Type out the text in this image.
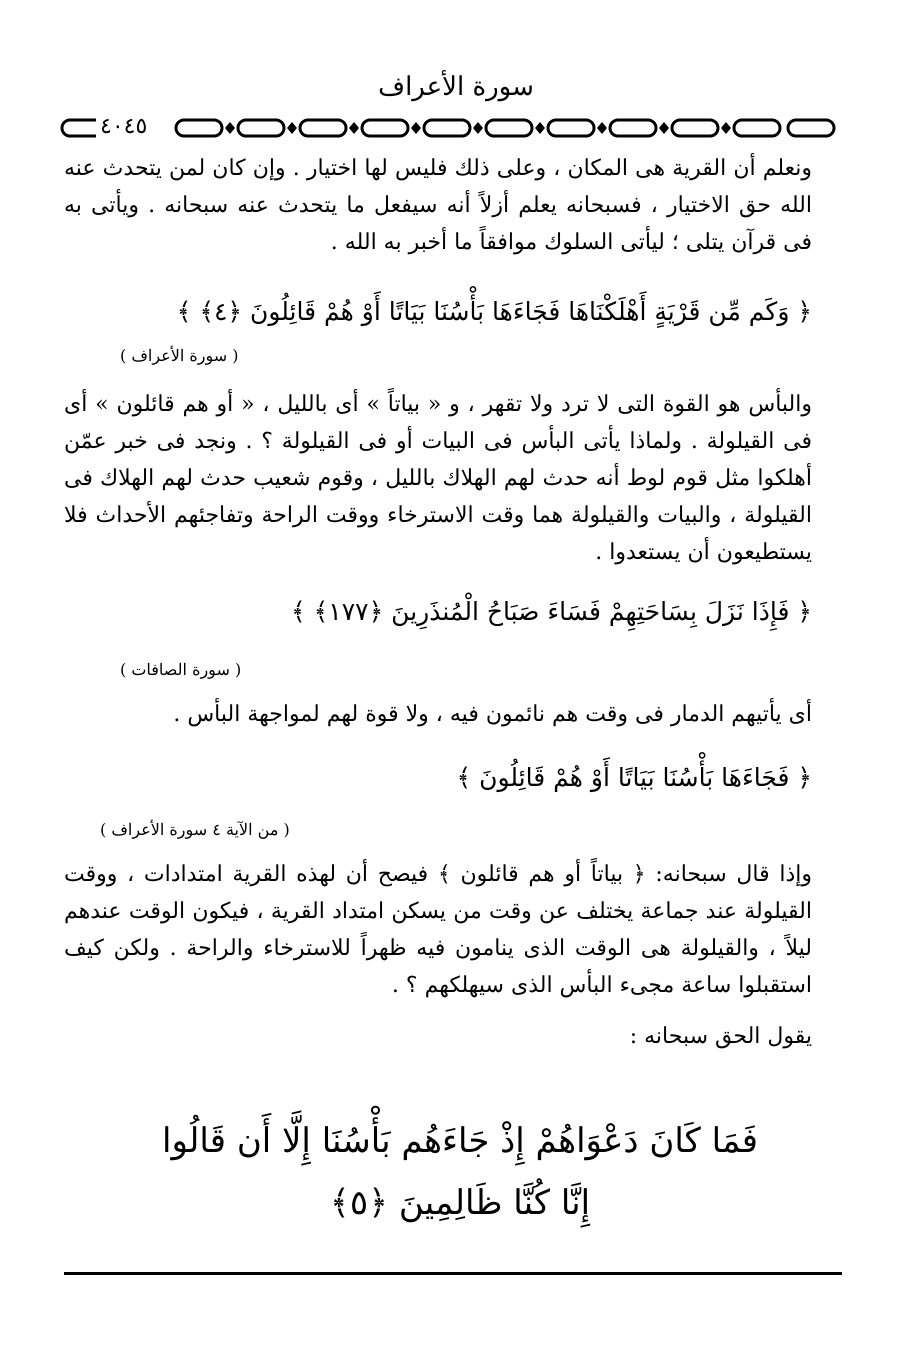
سورة الأعراف
٤٠٤٥
ونعلم أن القرية هى المكان ، وعلى ذلك فليس لها اختيار . وإن كان لمن يتحدث عنه الله حق الاختيار ، فسبحانه يعلم أزلاً أنه سيفعل ما يتحدث عنه سبحانه . ويأتى به فى قرآن يتلى ؛ ليأتى السلوك موافقاً ما أخبر به الله .
﴿ وَكَم مِّن قَرْيَةٍ أَهْلَكْنَاهَا فَجَاءَهَا بَأْسُنَا بَيَاتًا أَوْ هُمْ قَائِلُونَ ﴿٤﴾ ﴾
( سورة الأعراف )
والبأس هو القوة التى لا ترد ولا تقهر ، و « بياتاً » أى بالليل ، « أو هم قائلون » أى فى القيلولة . ولماذا يأتى البأس فى البيات أو فى القيلولة ؟ . ونجد فى خبر عمّن أهلكوا مثل قوم لوط أنه حدث لهم الهلاك بالليل ، وقوم شعيب حدث لهم الهلاك فى القيلولة ، والبيات والقيلولة هما وقت الاسترخاء ووقت الراحة وتفاجئهم الأحداث فلا يستطيعون أن يستعدوا .
﴿ فَإِذَا نَزَلَ بِسَاحَتِهِمْ فَسَاءَ صَبَاحُ الْمُنذَرِينَ ﴿١٧٧﴾ ﴾
( سورة الصافات )
أى يأتيهم الدمار فى وقت هم نائمون فيه ، ولا قوة لهم لمواجهة البأس .
﴿ فَجَاءَهَا بَأْسُنَا بَيَاتًا أَوْ هُمْ قَائِلُونَ ﴾
( من الآية ٤ سورة الأعراف )
وإذا قال سبحانه: ﴿ بياتاً أو هم قائلون ﴾ فيصح أن لهذه القرية امتدادات ، ووقت القيلولة عند جماعة يختلف عن وقت من يسكن امتداد القرية ، فيكون الوقت عندهم ليلاً ، والقيلولة هى الوقت الذى ينامون فيه ظهراً للاسترخاء والراحة . ولكن كيف استقبلوا ساعة مجىء البأس الذى سيهلكهم ؟ .
يقول الحق سبحانه :
فَمَا كَانَ دَعْوَاهُمْ إِذْ جَاءَهُم بَأْسُنَا إِلَّا أَن قَالُوا
إِنَّا كُنَّا ظَالِمِينَ ﴿٥﴾
